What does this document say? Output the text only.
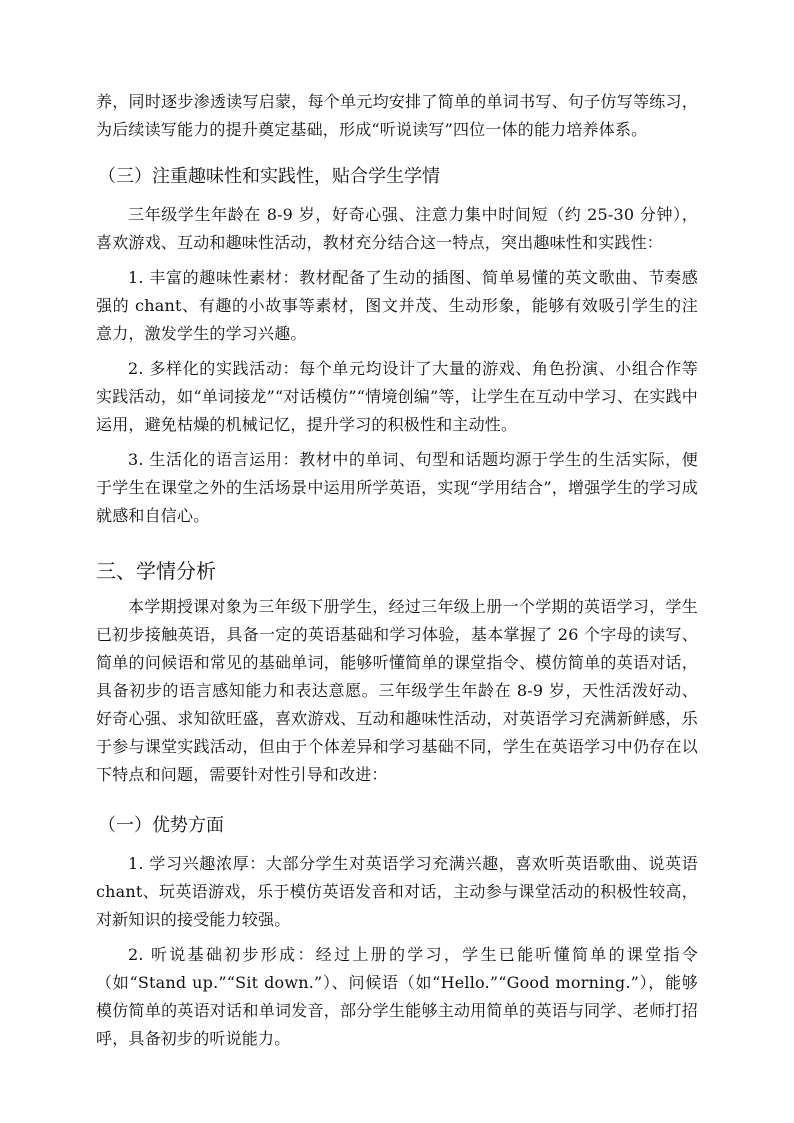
养，同时逐步渗透读写启蒙，每个单元均安排了简单的单词书写、句子仿写等练习，为后续读写能力的提升奠定基础，形成“听说读写”四位一体的能力培养体系。

（三）注重趣味性和实践性，贴合学生学情

三年级学生年龄在 8-9 岁，好奇心强、注意力集中时间短（约 25-30 分钟），喜欢游戏、互动和趣味性活动，教材充分结合这一特点，突出趣味性和实践性：

1. 丰富的趣味性素材：教材配备了生动的插图、简单易懂的英文歌曲、节奏感强的 chant、有趣的小故事等素材，图文并茂、生动形象，能够有效吸引学生的注意力，激发学生的学习兴趣。

2. 多样化的实践活动：每个单元均设计了大量的游戏、角色扮演、小组合作等实践活动，如“单词接龙”“对话模仿”“情境创编”等，让学生在互动中学习、在实践中运用，避免枯燥的机械记忆，提升学习的积极性和主动性。

3. 生活化的语言运用：教材中的单词、句型和话题均源于学生的生活实际，便于学生在课堂之外的生活场景中运用所学英语，实现“学用结合”，增强学生的学习成就感和自信心。

三、学情分析

本学期授课对象为三年级下册学生，经过三年级上册一个学期的英语学习，学生已初步接触英语，具备一定的英语基础和学习体验，基本掌握了 26 个字母的读写、简单的问候语和常见的基础单词，能够听懂简单的课堂指令、模仿简单的英语对话，具备初步的语言感知能力和表达意愿。三年级学生年龄在 8-9 岁，天性活泼好动、好奇心强、求知欲旺盛，喜欢游戏、互动和趣味性活动，对英语学习充满新鲜感，乐于参与课堂实践活动，但由于个体差异和学习基础不同，学生在英语学习中仍存在以下特点和问题，需要针对性引导和改进：

（一）优势方面

1. 学习兴趣浓厚：大部分学生对英语学习充满兴趣，喜欢听英语歌曲、说英语 chant、玩英语游戏，乐于模仿英语发音和对话，主动参与课堂活动的积极性较高，对新知识的接受能力较强。

2. 听说基础初步形成：经过上册的学习，学生已能听懂简单的课堂指令（如“Stand up.”“Sit down.”）、问候语（如“Hello.”“Good morning.”），能够模仿简单的英语对话和单词发音，部分学生能够主动用简单的英语与同学、老师打招呼，具备初步的听说能力。
